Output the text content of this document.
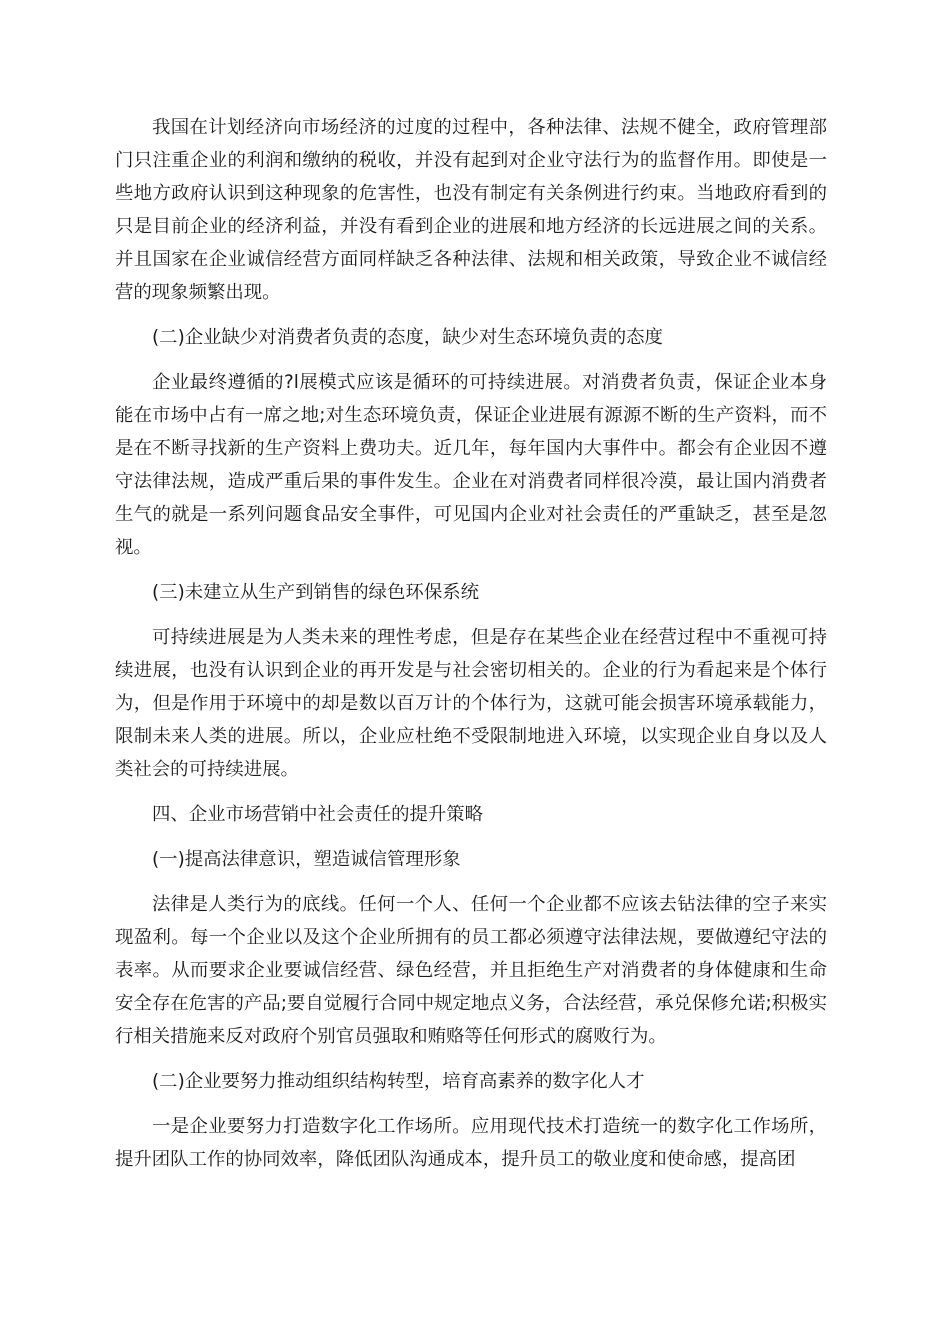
我国在计划经济向市场经济的过度的过程中，各种法律、法规不健全，政府管理部门只注重企业的利润和缴纳的税收，并没有起到对企业守法行为的监督作用。即使是一些地方政府认识到这种现象的危害性，也没有制定有关条例进行约束。当地政府看到的只是目前企业的经济利益，并没有看到企业的进展和地方经济的长远进展之间的关系。并且国家在企业诚信经营方面同样缺乏各种法律、法规和相关政策，导致企业不诚信经营的现象频繁出现。

(二)企业缺少对消费者负责的态度，缺少对生态环境负责的态度

企业最终遵循的?l展模式应该是循环的可持续进展。对消费者负责，保证企业本身能在市场中占有一席之地;对生态环境负责，保证企业进展有源源不断的生产资料，而不是在不断寻找新的生产资料上费功夫。近几年，每年国内大事件中。都会有企业因不遵守法律法规，造成严重后果的事件发生。企业在对消费者同样很冷漠，最让国内消费者生气的就是一系列问题食品安全事件，可见国内企业对社会责任的严重缺乏，甚至是忽视。

(三)未建立从生产到销售的绿色环保系统

可持续进展是为人类未来的理性考虑，但是存在某些企业在经营过程中不重视可持续进展，也没有认识到企业的再开发是与社会密切相关的。企业的行为看起来是个体行为，但是作用于环境中的却是数以百万计的个体行为，这就可能会损害环境承载能力，限制未来人类的进展。所以，企业应杜绝不受限制地进入环境，以实现企业自身以及人类社会的可持续进展。

四、企业市场营销中社会责任的提升策略

(一)提高法律意识，塑造诚信管理形象

法律是人类行为的底线。任何一个人、任何一个企业都不应该去钻法律的空子来实现盈利。每一个企业以及这个企业所拥有的员工都必须遵守法律法规，要做遵纪守法的表率。从而要求企业要诚信经营、绿色经营，并且拒绝生产对消费者的身体健康和生命安全存在危害的产品;要自觉履行合同中规定地点义务，合法经营，承兑保修允诺;积极实行相关措施来反对政府个别官员强取和贿赂等任何形式的腐败行为。

(二)企业要努力推动组织结构转型，培育高素养的数字化人才

一是企业要努力打造数字化工作场所。应用现代技术打造统一的数字化工作场所，提升团队工作的协同效率，降低团队沟通成本，提升员工的敬业度和使命感，提高团
